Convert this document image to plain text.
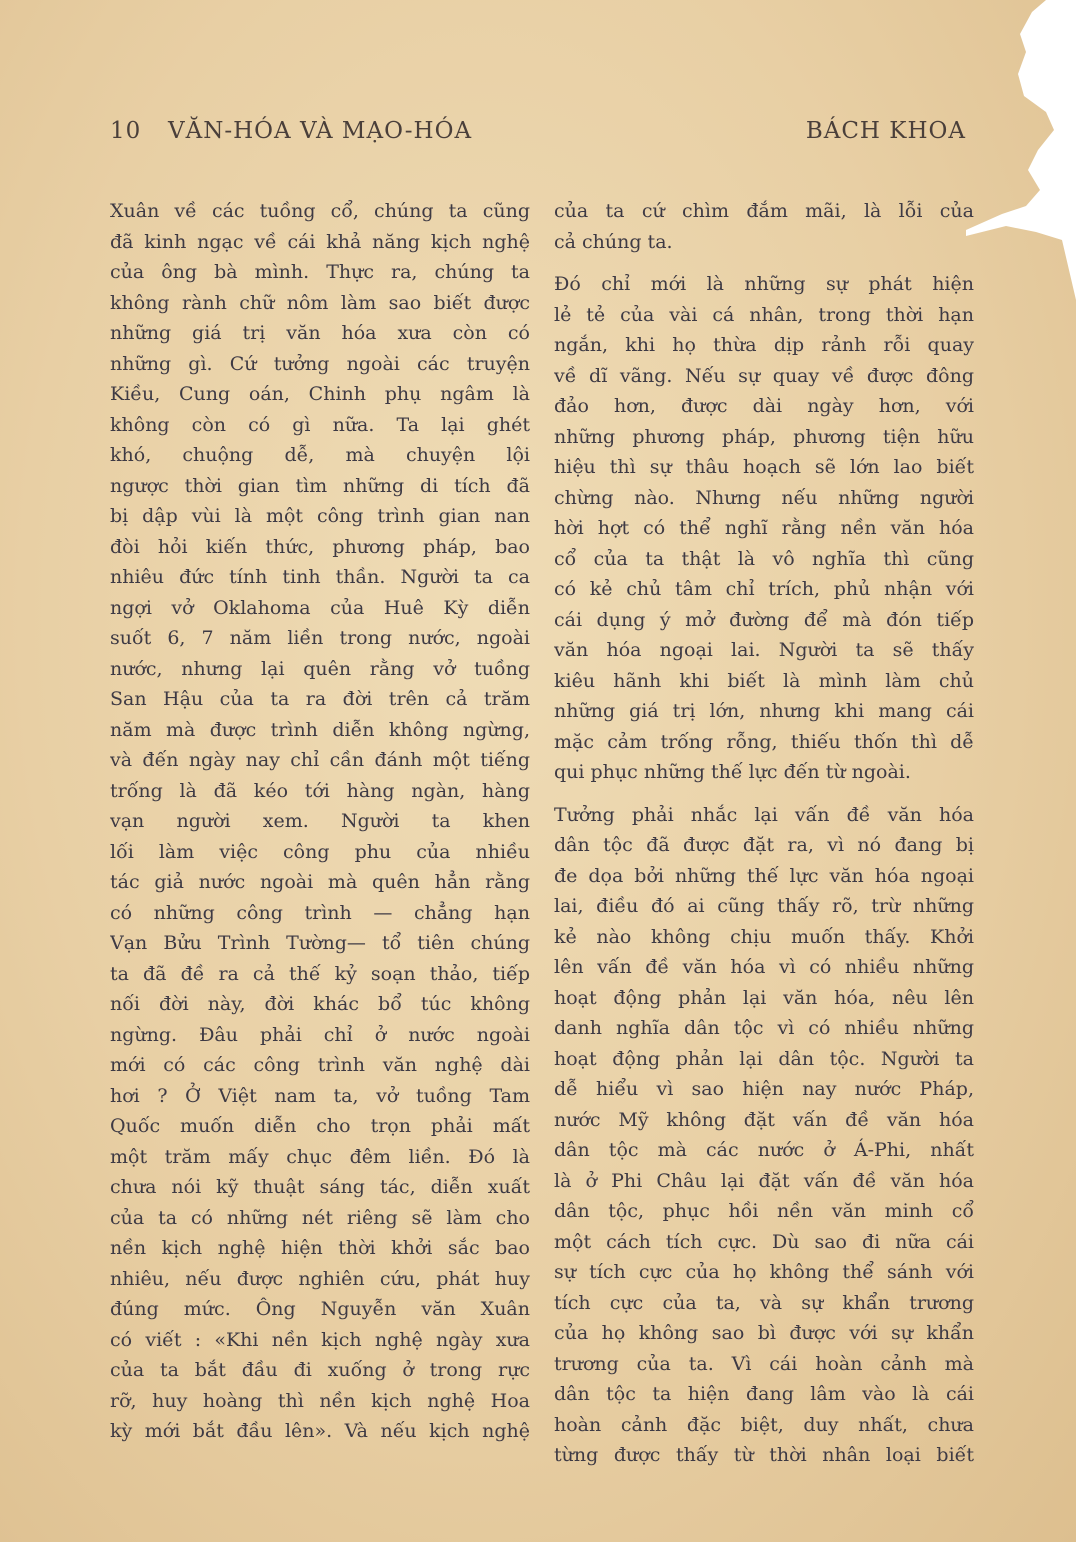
10 VĂN-HÓA VÀ MẠO-HÓA	BÁCH KHOA
Xuân về các tuồng cổ, chúng ta cũng
đã kinh ngạc về cái khả năng kịch nghệ
của ông bà mình. Thực ra, chúng ta
không rành chữ nôm làm sao biết được
những giá trị văn hóa xưa còn có
những gì. Cứ tưởng ngoài các truyện
Kiều, Cung oán, Chinh phụ ngâm là
không còn có gì nữa. Ta lại ghét
khó, chuộng dễ, mà chuyện lội
ngược thời gian tìm những di tích đã
bị dập vùi là một công trình gian nan
đòi hỏi kiến thức, phương pháp, bao
nhiêu đức tính tinh thần. Người ta ca
ngợi vở Oklahoma của Huê Kỳ diễn
suốt 6, 7 năm liền trong nước, ngoài
nước, nhưng lại quên rằng vở tuồng
San Hậu của ta ra đời trên cả trăm
năm mà được trình diễn không ngừng,
và đến ngày nay chỉ cần đánh một tiếng
trống là đã kéo tới hàng ngàn, hàng
vạn người xem. Người ta khen
lối làm việc công phu của nhiều
tác giả nước ngoài mà quên hẳn rằng
có những công trình — chẳng hạn
Vạn Bửu Trình Tường— tổ tiên chúng
ta đã đề ra cả thế kỷ soạn thảo, tiếp
nối đời này, đời khác bổ túc không
ngừng. Đâu phải chỉ ở nước ngoài
mới có các công trình văn nghệ dài
hơi ? Ở Việt nam ta, vở tuồng Tam
Quốc muốn diễn cho trọn phải mất
một trăm mấy chục đêm liền. Đó là
chưa nói kỹ thuật sáng tác, diễn xuất
của ta có những nét riêng sẽ làm cho
nền kịch nghệ hiện thời khởi sắc bao
nhiêu, nếu được nghiên cứu, phát huy
đúng mức. Ông Nguyễn văn Xuân
có viết : «Khi nền kịch nghệ ngày xưa
của ta bắt đầu đi xuống ở trong rực
rỡ, huy hoàng thì nền kịch nghệ Hoa
kỳ mới bắt đầu lên». Và nếu kịch nghệ
của ta cứ chìm đắm mãi, là lỗi của
cả chúng ta.
Đó chỉ mới là những sự phát hiện
lẻ tẻ của vài cá nhân, trong thời hạn
ngắn, khi họ thừa dịp rảnh rỗi quay
về dĩ vãng. Nếu sự quay về được đông
đảo hơn, được dài ngày hơn, với
những phương pháp, phương tiện hữu
hiệu thì sự thâu hoạch sẽ lớn lao biết
chừng nào. Nhưng nếu những người
hời hợt có thể nghĩ rằng nền văn hóa
cổ của ta thật là vô nghĩa thì cũng
có kẻ chủ tâm chỉ trích, phủ nhận với
cái dụng ý mở đường để mà đón tiếp
văn hóa ngoại lai. Người ta sẽ thấy
kiêu hãnh khi biết là mình làm chủ
những giá trị lớn, nhưng khi mang cái
mặc cảm trống rỗng, thiếu thốn thì dễ
qui phục những thế lực đến từ ngoài.
Tưởng phải nhắc lại vấn đề văn hóa
dân tộc đã được đặt ra, vì nó đang bị
đe dọa bởi những thế lực văn hóa ngoại
lai, điều đó ai cũng thấy rõ, trừ những
kẻ nào không chịu muốn thấy. Khởi
lên vấn đề văn hóa vì có nhiều những
hoạt động phản lại văn hóa, nêu lên
danh nghĩa dân tộc vì có nhiều những
hoạt động phản lại dân tộc. Người ta
dễ hiểu vì sao hiện nay nước Pháp,
nước Mỹ không đặt vấn đề văn hóa
dân tộc mà các nước ở Á-Phi, nhất
là ở Phi Châu lại đặt vấn đề văn hóa
dân tộc, phục hồi nền văn minh cổ
một cách tích cực. Dù sao đi nữa cái
sự tích cực của họ không thể sánh với
tích cực của ta, và sự khẩn trương
của họ không sao bì được với sự khẩn
trương của ta. Vì cái hoàn cảnh mà
dân tộc ta hiện đang lâm vào là cái
hoàn cảnh đặc biệt, duy nhất, chưa
từng được thấy từ thời nhân loại biết
